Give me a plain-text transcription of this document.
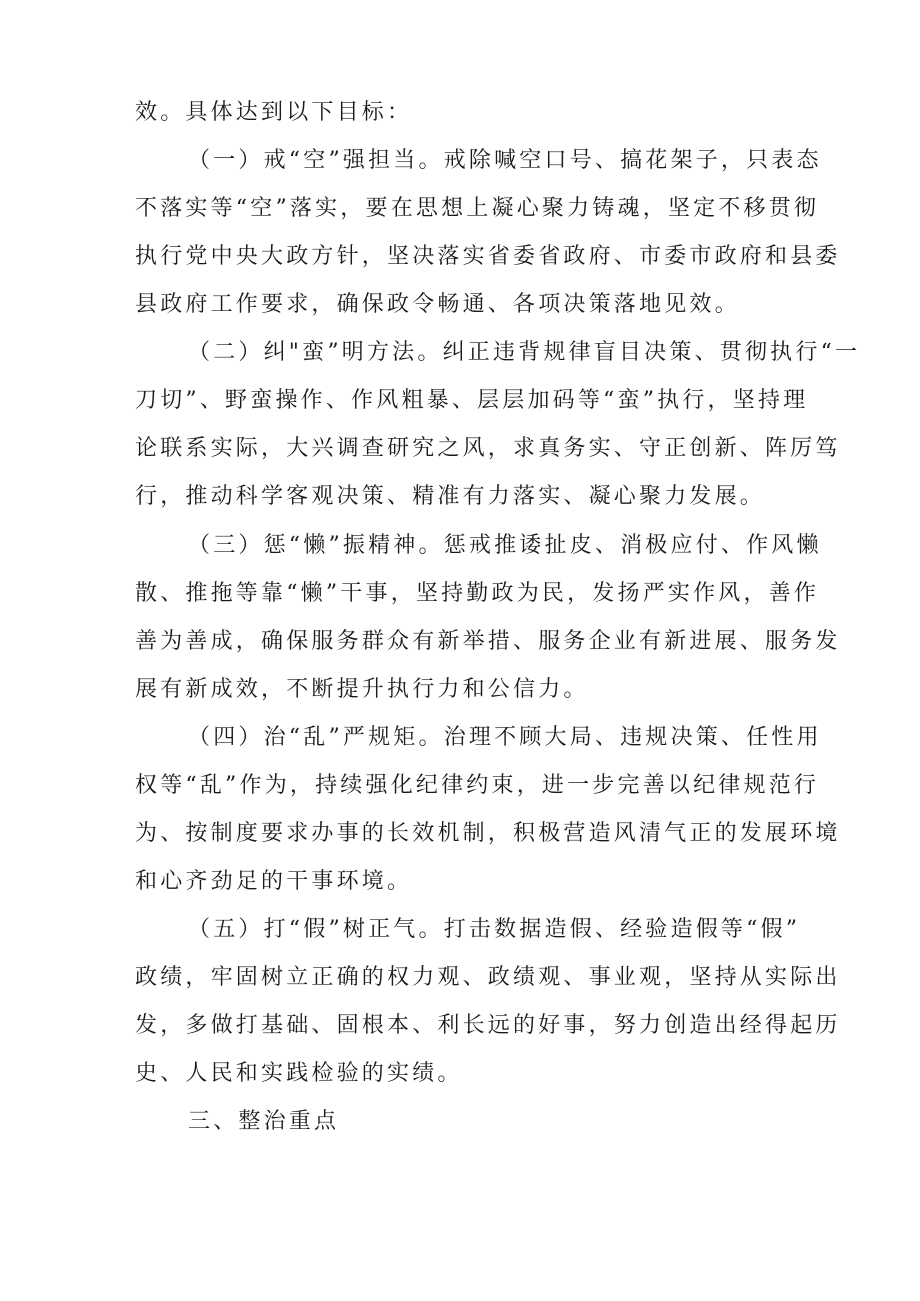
效。具体达到以下目标：
（一）戒“空”强担当。戒除喊空口号、搞花架子，只表态
不落实等“空”落实，要在思想上凝心聚力铸魂，坚定不移贯彻
执行党中央大政方针，坚决落实省委省政府、市委市政府和县委
县政府工作要求，确保政令畅通、各项决策落地见效。
（二）纠"蛮”明方法。纠正违背规律盲目决策、贯彻执行“一
刀切”、野蛮操作、作风粗暴、层层加码等“蛮”执行，坚持理
论联系实际，大兴调查研究之风，求真务实、守正创新、阵厉笃
行，推动科学客观决策、精准有力落实、凝心聚力发展。
（三）惩“懒”振精神。惩戒推诿扯皮、消极应付、作风懒
散、推拖等靠“懒”干事，坚持勤政为民，发扬严实作风，善作
善为善成，确保服务群众有新举措、服务企业有新进展、服务发
展有新成效，不断提升执行力和公信力。
（四）治“乱”严规矩。治理不顾大局、违规决策、任性用
权等“乱”作为，持续强化纪律约束，进一步完善以纪律规范行
为、按制度要求办事的长效机制，积极营造风清气正的发展环境
和心齐劲足的干事环境。
（五）打“假”树正气。打击数据造假、经验造假等“假”
政绩，牢固树立正确的权力观、政绩观、事业观，坚持从实际出
发，多做打基础、固根本、利长远的好事，努力创造出经得起历
史、人民和实践检验的实绩。
三、整治重点
